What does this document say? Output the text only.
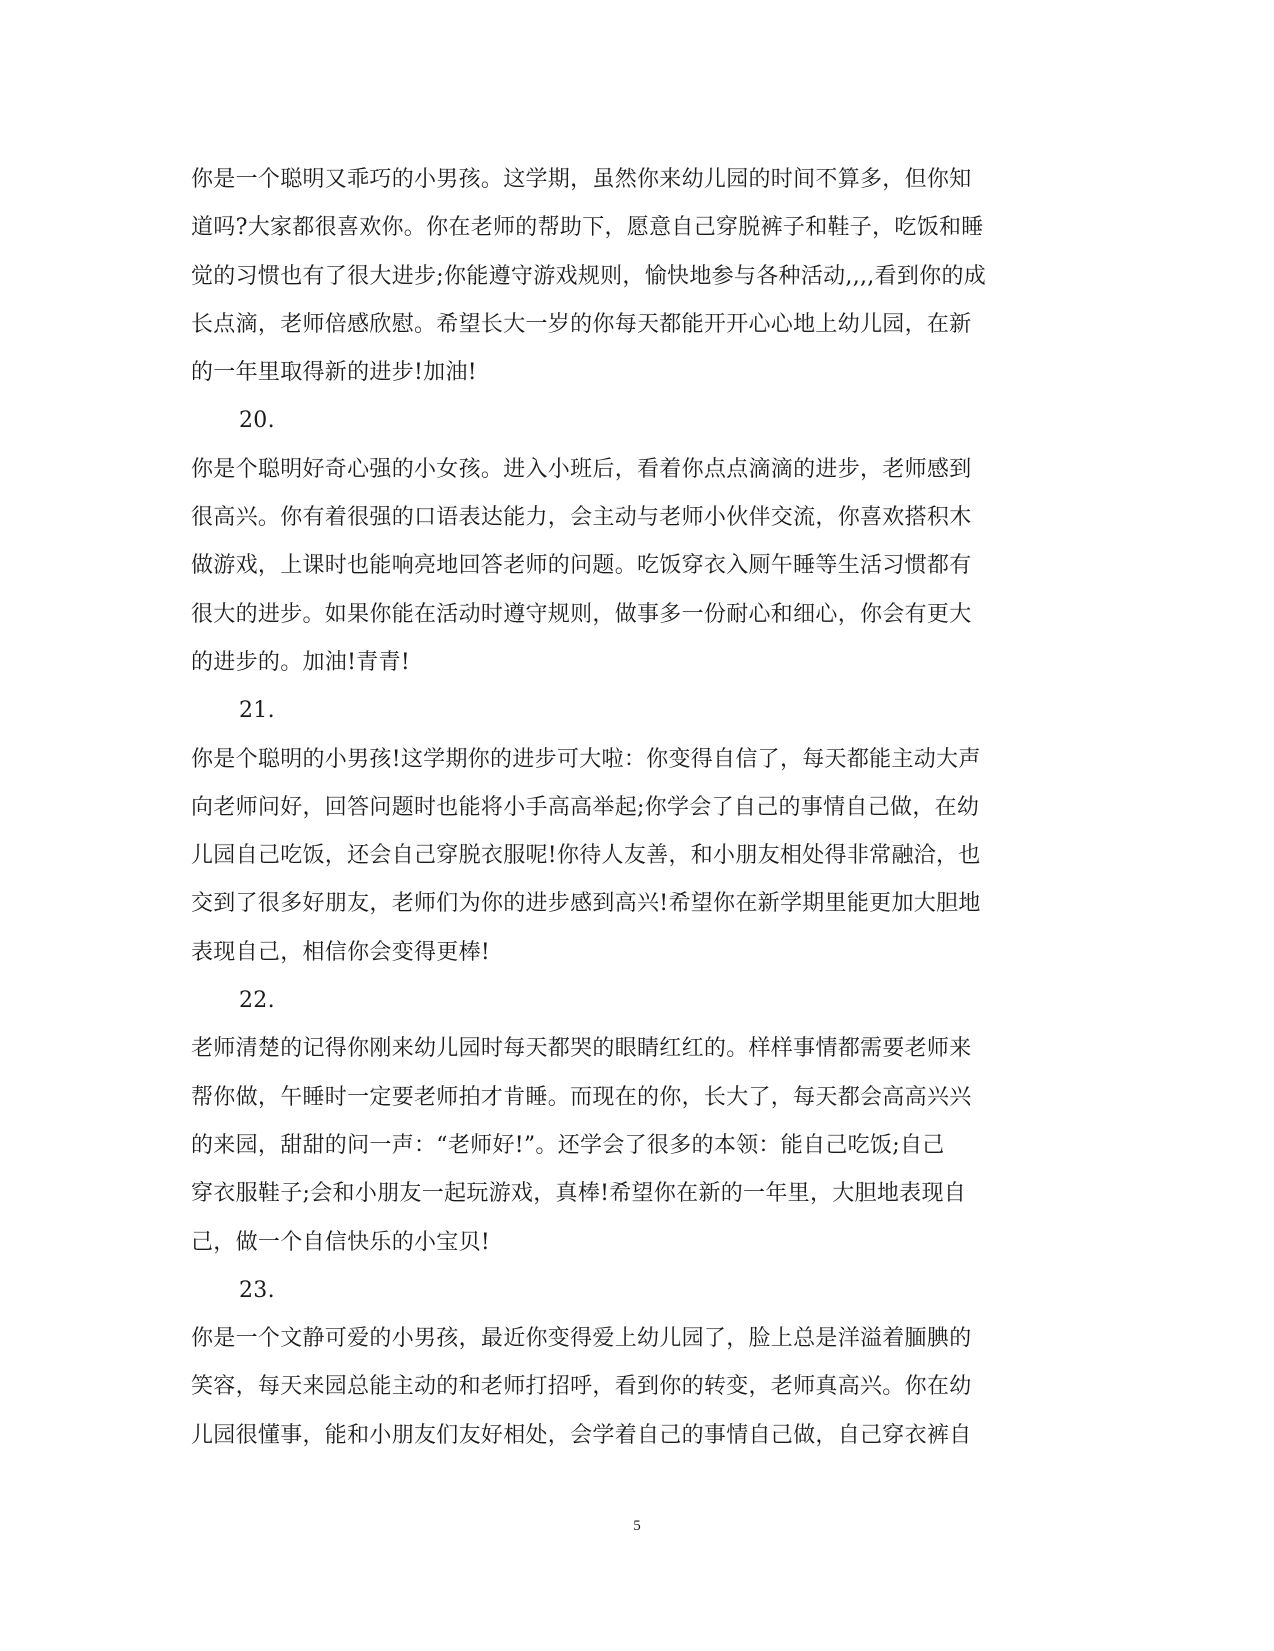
你是一个聪明又乖巧的小男孩。这学期，虽然你来幼儿园的时间不算多，但你知
道吗?大家都很喜欢你。你在老师的帮助下，愿意自己穿脱裤子和鞋子，吃饭和睡
觉的习惯也有了很大进步;你能遵守游戏规则，愉快地参与各种活动,,,,看到你的成
长点滴，老师倍感欣慰。希望长大一岁的你每天都能开开心心地上幼儿园，在新
的一年里取得新的进步!加油!
20.
你是个聪明好奇心强的小女孩。进入小班后，看着你点点滴滴的进步，老师感到
很高兴。你有着很强的口语表达能力，会主动与老师小伙伴交流，你喜欢搭积木
做游戏，上课时也能响亮地回答老师的问题。吃饭穿衣入厕午睡等生活习惯都有
很大的进步。如果你能在活动时遵守规则，做事多一份耐心和细心，你会有更大
的进步的。加油!青青!
21.
你是个聪明的小男孩!这学期你的进步可大啦：你变得自信了，每天都能主动大声
向老师问好，回答问题时也能将小手高高举起;你学会了自己的事情自己做，在幼
儿园自己吃饭，还会自己穿脱衣服呢!你待人友善，和小朋友相处得非常融洽，也
交到了很多好朋友，老师们为你的进步感到高兴!希望你在新学期里能更加大胆地
表现自己，相信你会变得更棒!
22.
老师清楚的记得你刚来幼儿园时每天都哭的眼睛红红的。样样事情都需要老师来
帮你做，午睡时一定要老师拍才肯睡。而现在的你，长大了，每天都会高高兴兴
的来园，甜甜的问一声：“老师好!”。还学会了很多的本领：能自己吃饭;自己
穿衣服鞋子;会和小朋友一起玩游戏，真棒!希望你在新的一年里，大胆地表现自
己，做一个自信快乐的小宝贝!
23.
你是一个文静可爱的小男孩，最近你变得爱上幼儿园了，脸上总是洋溢着腼腆的
笑容，每天来园总能主动的和老师打招呼，看到你的转变，老师真高兴。你在幼
儿园很懂事，能和小朋友们友好相处，会学着自己的事情自己做，自己穿衣裤自
5
